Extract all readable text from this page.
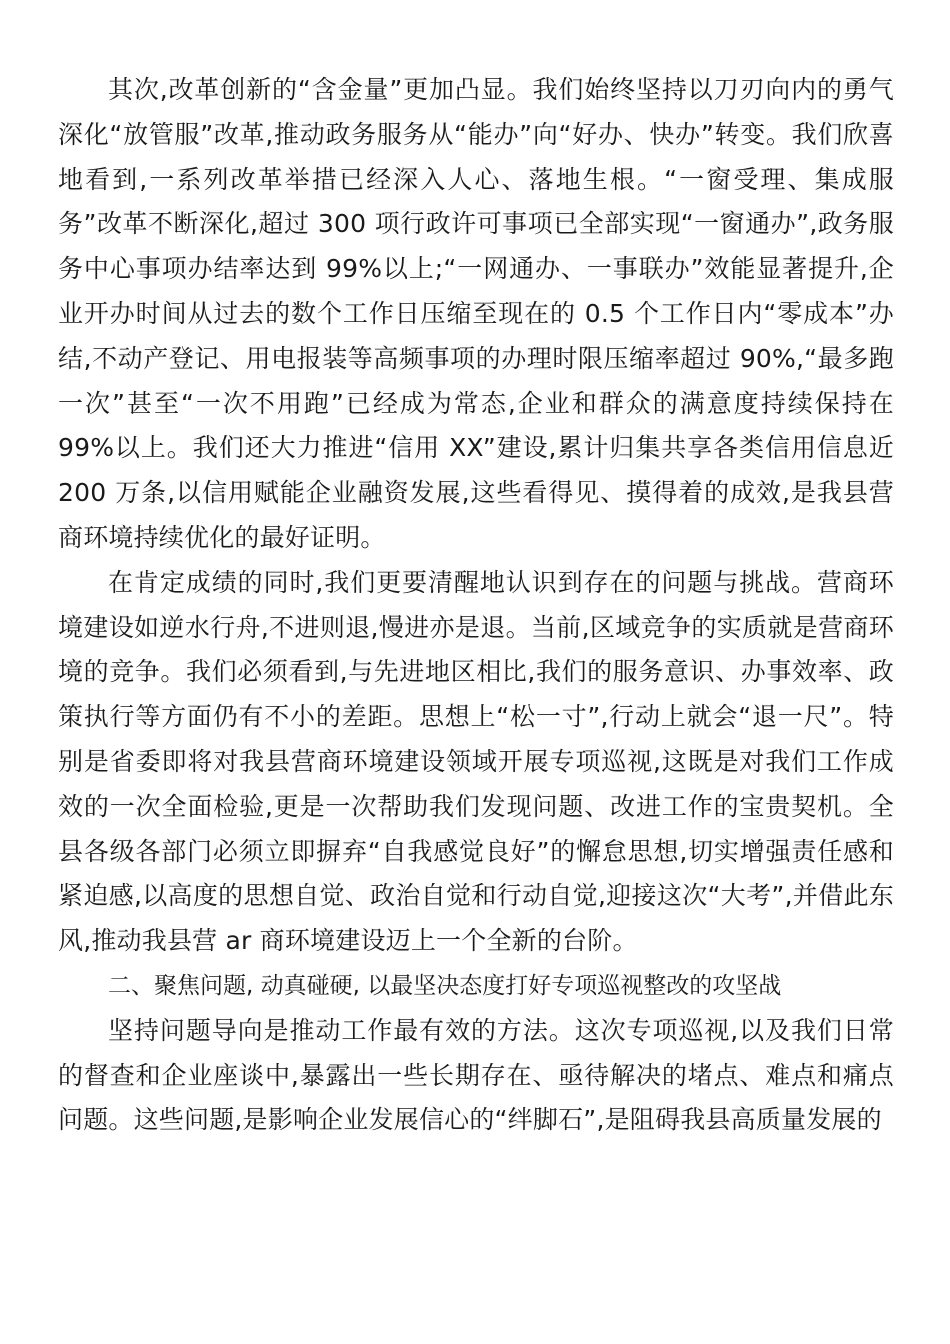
其次,改革创新的“含金量”更加凸显。我们始终坚持以刀刃向内的勇气深化“放管服”改革,推动政务服务从“能办”向“好办、快办”转变。我们欣喜地看到,一系列改革举措已经深入人心、落地生根。“一窗受理、集成服务”改革不断深化,超过 300 项行政许可事项已全部实现“一窗通办”,政务服务中心事项办结率达到 99%以上;“一网通办、一事联办”效能显著提升,企业开办时间从过去的数个工作日压缩至现在的 0.5 个工作日内“零成本”办结,不动产登记、用电报装等高频事项的办理时限压缩率超过 90%,“最多跑一次”甚至“一次不用跑”已经成为常态,企业和群众的满意度持续保持在 99%以上。我们还大力推进“信用 XX”建设,累计归集共享各类信用信息近 200 万条,以信用赋能企业融资发展,这些看得见、摸得着的成效,是我县营商环境持续优化的最好证明。

在肯定成绩的同时,我们更要清醒地认识到存在的问题与挑战。营商环境建设如逆水行舟,不进则退,慢进亦是退。当前,区域竞争的实质就是营商环境的竞争。我们必须看到,与先进地区相比,我们的服务意识、办事效率、政策执行等方面仍有不小的差距。思想上“松一寸”,行动上就会“退一尺”。特别是省委即将对我县营商环境建设领域开展专项巡视,这既是对我们工作成效的一次全面检验,更是一次帮助我们发现问题、改进工作的宝贵契机。全县各级各部门必须立即摒弃“自我感觉良好”的懈怠思想,切实增强责任感和紧迫感,以高度的思想自觉、政治自觉和行动自觉,迎接这次“大考”,并借此东风,推动我县营 ar 商环境建设迈上一个全新的台阶。

二、聚焦问题, 动真碰硬, 以最坚决态度打好专项巡视整改的攻坚战

坚持问题导向是推动工作最有效的方法。这次专项巡视,以及我们日常的督查和企业座谈中,暴露出一些长期存在、亟待解决的堵点、难点和痛点问题。这些问题,是影响企业发展信心的“绊脚石”,是阻碍我县高质量发展的
